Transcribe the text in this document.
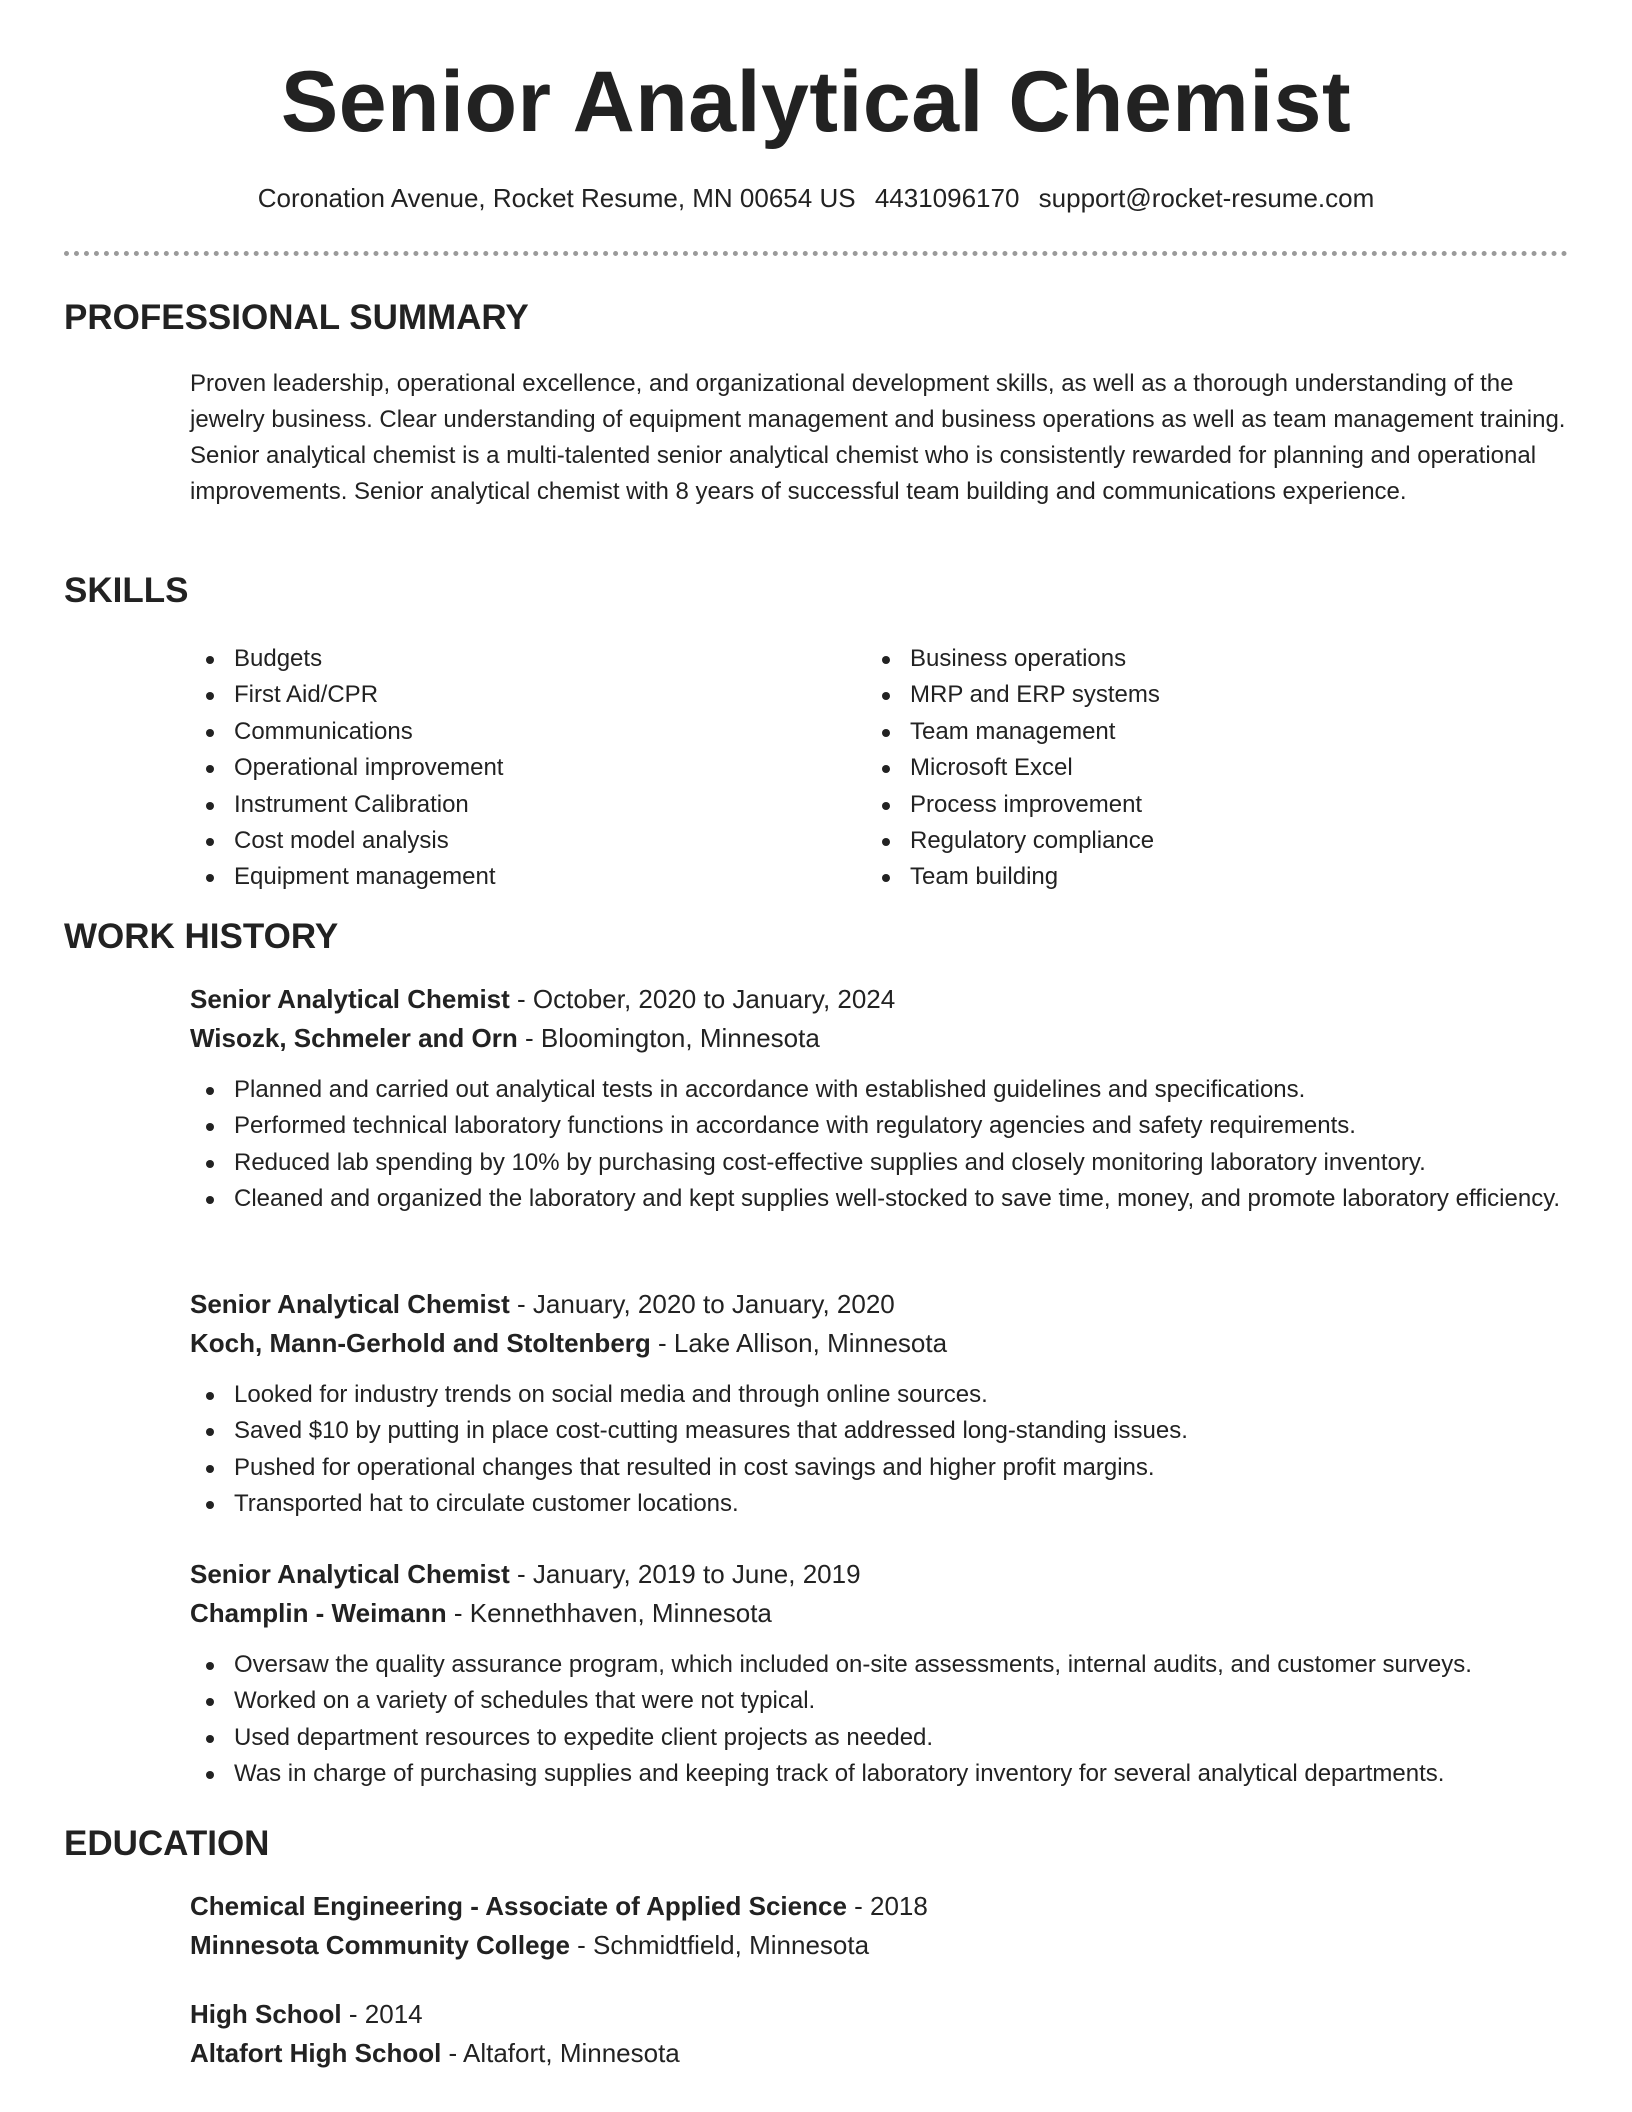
Senior Analytical Chemist
Coronation Avenue, Rocket Resume, MN 00654 US 4431096170 support@rocket-resume.com
PROFESSIONAL SUMMARY
Proven leadership, operational excellence, and organizational development skills, as well as a thorough understanding of the jewelry business. Clear understanding of equipment management and business operations as well as team management training. Senior analytical chemist is a multi-talented senior analytical chemist who is consistently rewarded for planning and operational improvements. Senior analytical chemist with 8 years of successful team building and communications experience.
SKILLS
Budgets
First Aid/CPR
Communications
Operational improvement
Instrument Calibration
Cost model analysis
Equipment management
Business operations
MRP and ERP systems
Team management
Microsoft Excel
Process improvement
Regulatory compliance
Team building
WORK HISTORY
Senior Analytical Chemist - October, 2020 to January, 2024
Wisozk, Schmeler and Orn - Bloomington, Minnesota
Planned and carried out analytical tests in accordance with established guidelines and specifications.
Performed technical laboratory functions in accordance with regulatory agencies and safety requirements.
Reduced lab spending by 10% by purchasing cost-effective supplies and closely monitoring laboratory inventory.
Cleaned and organized the laboratory and kept supplies well-stocked to save time, money, and promote laboratory efficiency.
Senior Analytical Chemist - January, 2020 to January, 2020
Koch, Mann-Gerhold and Stoltenberg - Lake Allison, Minnesota
Looked for industry trends on social media and through online sources.
Saved $10 by putting in place cost-cutting measures that addressed long-standing issues.
Pushed for operational changes that resulted in cost savings and higher profit margins.
Transported hat to circulate customer locations.
Senior Analytical Chemist - January, 2019 to June, 2019
Champlin - Weimann - Kennethhaven, Minnesota
Oversaw the quality assurance program, which included on-site assessments, internal audits, and customer surveys.
Worked on a variety of schedules that were not typical.
Used department resources to expedite client projects as needed.
Was in charge of purchasing supplies and keeping track of laboratory inventory for several analytical departments.
EDUCATION
Chemical Engineering - Associate of Applied Science - 2018
Minnesota Community College - Schmidtfield, Minnesota
High School - 2014
Altafort High School - Altafort, Minnesota
